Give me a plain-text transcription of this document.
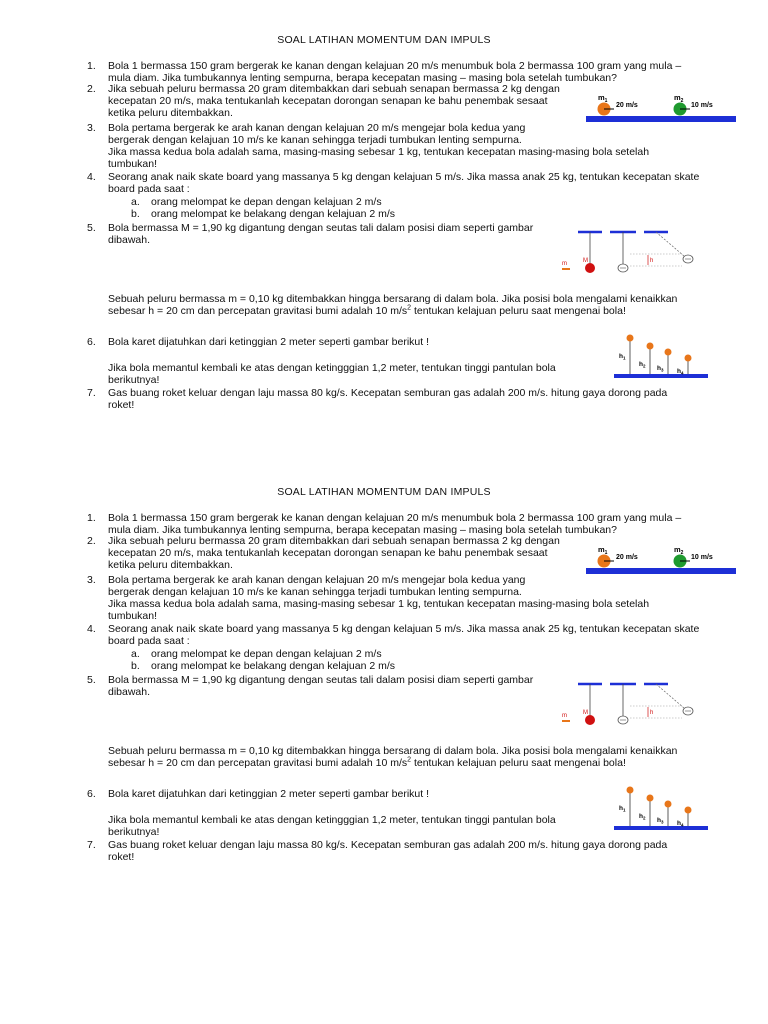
SOAL LATIHAN MOMENTUM DAN IMPULS
1. Bola 1 bermassa 150 gram bergerak ke kanan dengan kelajuan 20 m/s menumbuk bola 2 bermassa 100 gram yang mula –
mula diam. Jika tumbukannya lenting sempurna, berapa kecepatan masing – masing bola setelah tumbukan?
2. Jika sebuah peluru bermassa 20 gram ditembakkan dari sebuah senapan bermassa 2 kg dengan
kecepatan 20 m/s, maka tentukanlah kecepatan dorongan senapan ke bahu penembak sesaat
ketika peluru ditembakkan.
3. Bola pertama bergerak ke arah kanan dengan kelajuan 20 m/s mengejar bola kedua yang
bergerak dengan kelajuan 10 m/s ke kanan sehingga terjadi tumbukan lenting sempurna.
Jika massa kedua bola adalah sama, masing-masing sebesar 1 kg, tentukan kecepatan masing-masing bola setelah
tumbukan!
4. Seorang anak naik skate board yang massanya 5 kg dengan kelajuan 5 m/s. Jika massa anak 25 kg, tentukan kecepatan skate
board pada saat :
a. orang melompat ke depan dengan kelajuan 2 m/s
b. orang melompat ke belakang dengan kelajuan 2 m/s
5. Bola bermassa M = 1,90 kg digantung dengan seutas tali dalam posisi diam seperti gambar
dibawah.
Sebuah peluru bermassa m = 0,10 kg ditembakkan hingga bersarang di dalam bola. Jika posisi bola mengalami kenaikkan
sebesar h = 20 cm dan percepatan gravitasi bumi adalah 10 $m/s^2$ tentukan kelajuan peluru saat mengenai bola!
6. Bola karet dijatuhkan dari ketinggian 2 meter seperti gambar berikut !
Jika bola memantul kembali ke atas dengan ketingggian 1,2 meter, tentukan tinggi pantulan bola
berikutnya!
7. Gas buang roket keluar dengan laju massa 80 kg/s. Kecepatan semburan gas adalah 200 m/s. hitung gaya dorong pada
roket!
$m_1$
20 m/s
$m_2$
10 m/s
m	M	h
$h_1$
$h_2$ $h_3$ $h_4$
SOAL LATIHAN MOMENTUM DAN IMPULS
1. Bola 1 bermassa 150 gram bergerak ke kanan dengan kelajuan 20 m/s menumbuk bola 2 bermassa 100 gram yang mula –
mula diam. Jika tumbukannya lenting sempurna, berapa kecepatan masing – masing bola setelah tumbukan?
2. Jika sebuah peluru bermassa 20 gram ditembakkan dari sebuah senapan bermassa 2 kg dengan
kecepatan 20 m/s, maka tentukanlah kecepatan dorongan senapan ke bahu penembak sesaat
ketika peluru ditembakkan.
3. Bola pertama bergerak ke arah kanan dengan kelajuan 20 m/s mengejar bola kedua yang
bergerak dengan kelajuan 10 m/s ke kanan sehingga terjadi tumbukan lenting sempurna.
Jika massa kedua bola adalah sama, masing-masing sebesar 1 kg, tentukan kecepatan masing-masing bola setelah
tumbukan!
4. Seorang anak naik skate board yang massanya 5 kg dengan kelajuan 5 m/s. Jika massa anak 25 kg, tentukan kecepatan skate
board pada saat :
a. orang melompat ke depan dengan kelajuan 2 m/s
b. orang melompat ke belakang dengan kelajuan 2 m/s
5. Bola bermassa M = 1,90 kg digantung dengan seutas tali dalam posisi diam seperti gambar
dibawah.
Sebuah peluru bermassa m = 0,10 kg ditembakkan hingga bersarang di dalam bola. Jika posisi bola mengalami kenaikkan
sebesar h = 20 cm dan percepatan gravitasi bumi adalah 10 $m/s^2$ tentukan kelajuan peluru saat mengenai bola!
6. Bola karet dijatuhkan dari ketinggian 2 meter seperti gambar berikut !
Jika bola memantul kembali ke atas dengan ketingggian 1,2 meter, tentukan tinggi pantulan bola
berikutnya!
7. Gas buang roket keluar dengan laju massa 80 kg/s. Kecepatan semburan gas adalah 200 m/s. hitung gaya dorong pada
roket!
$m_1$
20 m/s
$m_2$
10 m/s
m	M	h
$h_1$
$h_2$ $h_3$ $h_4$
